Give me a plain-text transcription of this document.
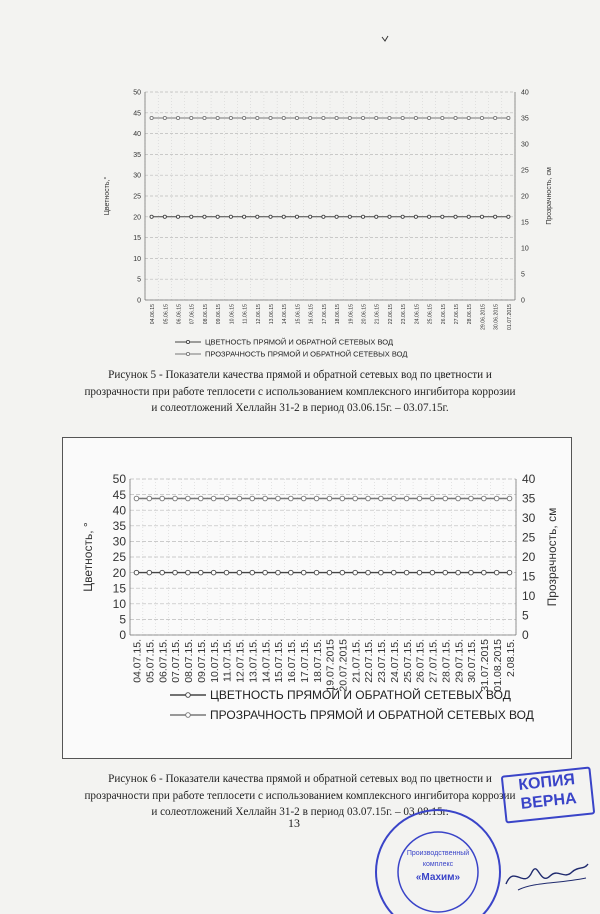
50
45
40
35
30
25
20
15
10
5
0
40
35
30
25
20
15
10
5
0
Цветность,°	Прозрачность, см
04.06.15 05.06.15 06.06.15 07.06.15 08.06.15 09.06.15 10.06.15 11.06.15 12.06.15 13.06.15 14.06.15 15.06.15 16.06.15 17.06.15 18.06.15 19.06.15 20.06.15 21.06.15 22.06.15 23.06.15 24.06.15 25.06.15 26.06.15 27.06.15 28.06.15 29.06.2015 30.06.2015 01.07.2015
ЦВЕТНОСТЬ ПРЯМОЙ И ОБРАТНОЙ СЕТЕВЫХ ВОД
ПРОЗРАЧНОСТЬ ПРЯМОЙ И ОБРАТНОЙ СЕТЕВЫХ ВОД
Рисунок 5 - Показатели качества прямой и обратной сетевых вод по цветности и
прозрачности при работе теплосети с использованием комплексного ингибитора коррозии
и солеотложений Хеллайн 31-2 в период 03.06.15г. – 03.07.15г.
50
45
40
35
30
25
20
15
10
5
0
40
35
30
25
20
15
10
5
0
Цветность, °	Прозрачность, см
04.07.15. 05.07.15. 06.07.15. 07.07.15. 08.07.15. 09.07.15. 10.07.15. 11.07.15. 12.07.15. 13.07.15. 14.07.15. 15.07.15. 16.07.15. 17.07.15. 18.07.15. 19.07.2015 20.07.2015 21.07.15. 22.07.15. 23.07.15. 24.07.15. 25.07.15. 26.07.15. 27.07.15. 28.07.15. 29.07.15. 30.07.15. 31.07.2015 01.08.2015 2.08.15.
ЦВЕТНОСТЬ ПРЯМОЙ И ОБРАТНОЙ СЕТЕВЫХ ВОД
ПРОЗРАЧНОСТЬ ПРЯМОЙ И ОБРАТНОЙ СЕТЕВЫХ ВОД
Рисунок 6 - Показатели качества прямой и обратной сетевых вод по цветности и
прозрачности при работе теплосети с использованием комплексного ингибитора коррозии
и солеотложений Хеллайн 31-2 в период 03.07.15г. – 03.08.15г.
13
КОПИЯ
ВЕРНА
Производственный
комплекс
«Махим»
